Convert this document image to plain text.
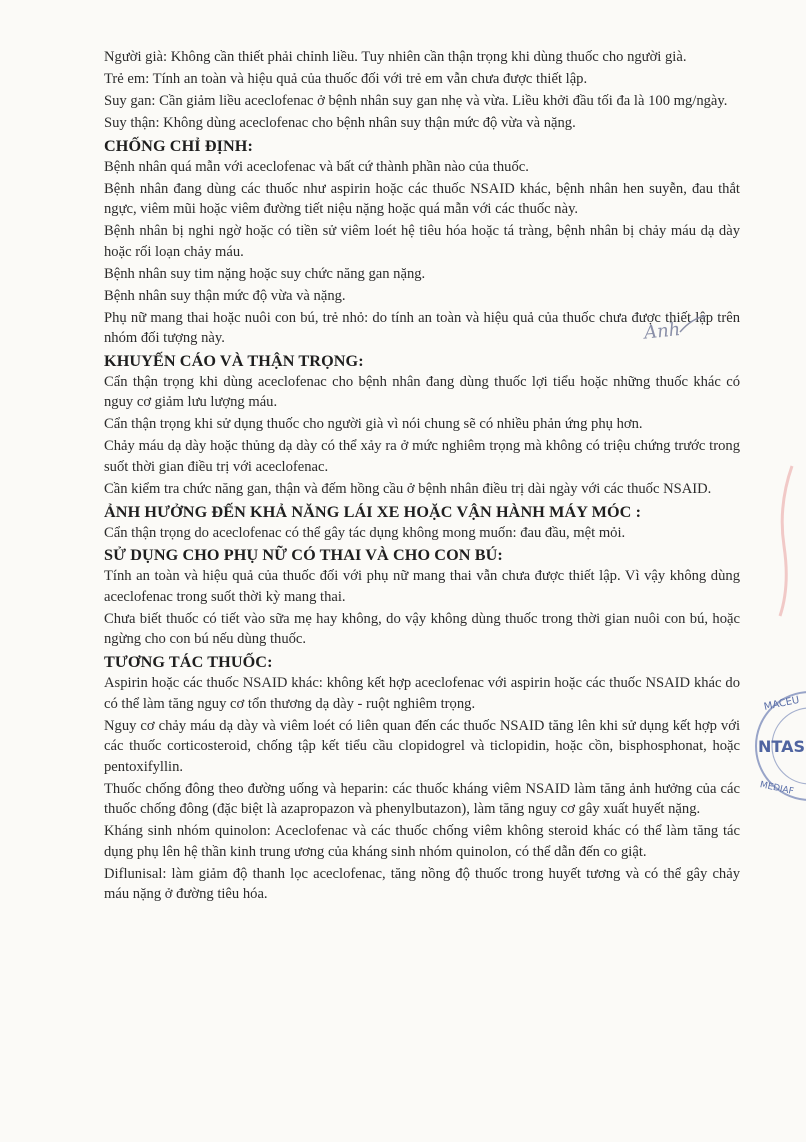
Người già: Không cần thiết phải chỉnh liều. Tuy nhiên cần thận trọng khi dùng thuốc cho người già.
Trẻ em: Tính an toàn và hiệu quả của thuốc đối với trẻ em vẫn chưa được thiết lập.
Suy gan: Cần giảm liều aceclofenac ở bệnh nhân suy gan nhẹ và vừa. Liều khởi đầu tối đa là 100 mg/ngày.
Suy thận: Không dùng aceclofenac cho bệnh nhân suy thận mức độ vừa và nặng.
CHỐNG CHỈ ĐỊNH:
Bệnh nhân quá mẫn với aceclofenac và bất cứ thành phần nào của thuốc.
Bệnh nhân đang dùng các thuốc như aspirin hoặc các thuốc NSAID khác, bệnh nhân hen suyễn, đau thắt ngực, viêm mũi hoặc viêm đường tiết niệu nặng hoặc quá mẫn với các thuốc này.
Bệnh nhân bị nghi ngờ hoặc có tiền sử viêm loét hệ tiêu hóa hoặc tá tràng, bệnh nhân bị chảy máu dạ dày hoặc rối loạn chảy máu.
Bệnh nhân suy tim nặng hoặc suy chức năng gan nặng.
Bệnh nhân suy thận mức độ vừa và nặng.
Phụ nữ mang thai hoặc nuôi con bú, trẻ nhỏ: do tính an toàn và hiệu quả của thuốc chưa được thiết lập trên nhóm đối tượng này.
KHUYẾN CÁO VÀ THẬN TRỌNG:
Cẩn thận trọng khi dùng aceclofenac cho bệnh nhân đang dùng thuốc lợi tiểu hoặc những thuốc khác có nguy cơ giảm lưu lượng máu.
Cẩn thận trọng khi sử dụng thuốc cho người già vì nói chung sẽ có nhiều phản ứng phụ hơn.
Chảy máu dạ dày hoặc thủng dạ dày có thể xảy ra ở mức nghiêm trọng mà không có triệu chứng trước trong suốt thời gian điều trị với aceclofenac.
Cần kiểm tra chức năng gan, thận và đếm hồng cầu ở bệnh nhân điều trị dài ngày với các thuốc NSAID.
ẢNH HƯỞNG ĐẾN KHẢ NĂNG LÁI XE HOẶC VẬN HÀNH MÁY MÓC :
Cẩn thận trọng do aceclofenac có thể gây tác dụng không mong muốn: đau đầu, mệt mỏi.
SỬ DỤNG CHO PHỤ NỮ CÓ THAI VÀ CHO CON BÚ:
Tính an toàn và hiệu quả của thuốc đối với phụ nữ mang thai vẫn chưa được thiết lập. Vì vậy không dùng aceclofenac trong suốt thời kỳ mang thai.
Chưa biết thuốc có tiết vào sữa mẹ hay không, do vậy không dùng thuốc trong thời gian nuôi con bú, hoặc ngừng cho con bú nếu dùng thuốc.
TƯƠNG TÁC THUỐC:
Aspirin hoặc các thuốc NSAID khác: không kết hợp aceclofenac với aspirin hoặc các thuốc NSAID khác do có thể làm tăng nguy cơ tổn thương dạ dày - ruột nghiêm trọng.
Nguy cơ chảy máu dạ dày và viêm loét có liên quan đến các thuốc NSAID tăng lên khi sử dụng kết hợp với các thuốc corticosteroid, chống tập kết tiểu cầu clopidogrel và ticlopidin, hoặc cồn, bisphosphonat, hoặc pentoxifyllin.
Thuốc chống đông theo đường uống và heparin: các thuốc kháng viêm NSAID làm tăng ảnh hưởng của các thuốc chống đông (đặc biệt là azapropazon và phenylbutazon), làm tăng nguy cơ gây xuất huyết nặng.
Kháng sinh nhóm quinolon: Aceclofenac và các thuốc chống viêm không steroid khác có thể làm tăng tác dụng phụ lên hệ thần kinh trung ương của kháng sinh nhóm quinolon, có thể dẫn đến co giật.
Diflunisal: làm giảm độ thanh lọc aceclofenac, tăng nồng độ thuốc trong huyết tương và có thể gây chảy máu nặng ở đường tiêu hóa.
Anh
MACEU
NTAS
MEDIAF
